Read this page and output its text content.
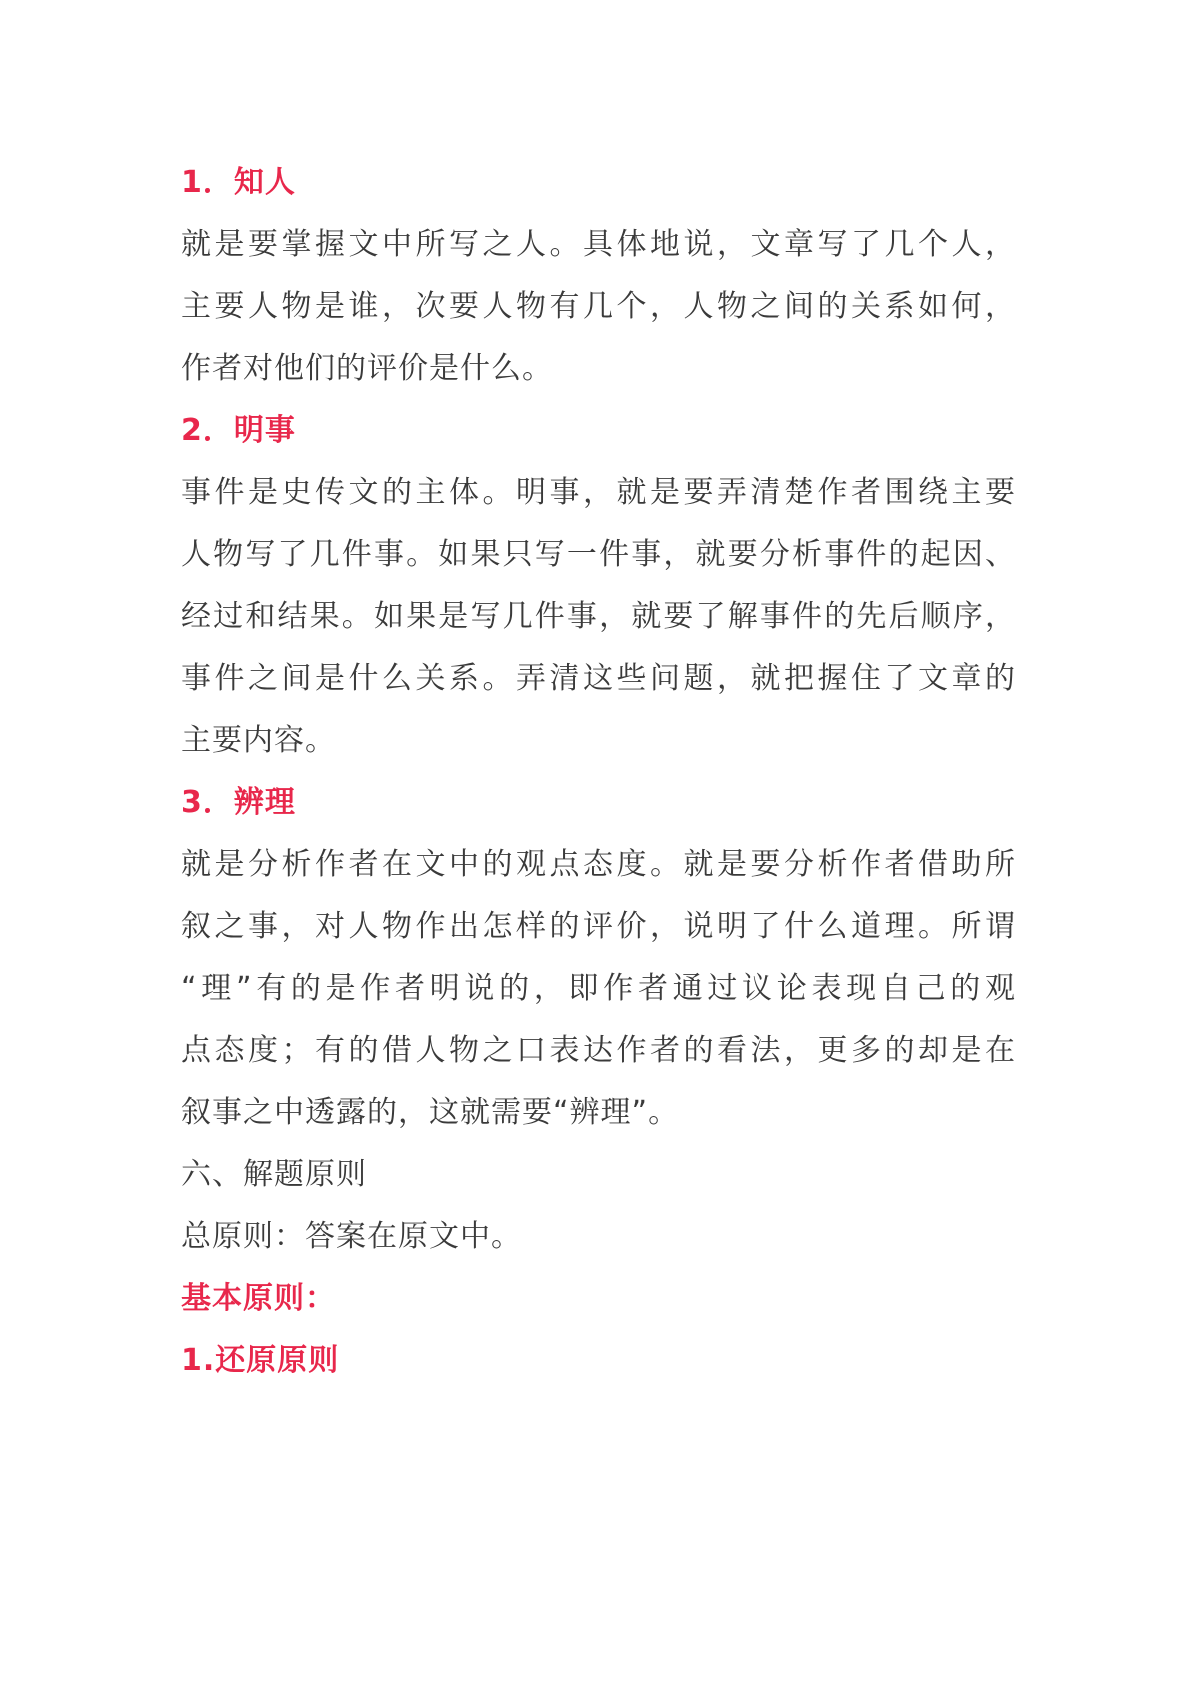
1．知人
就是要掌握文中所写之人。具体地说，文章写了几个人，
主要人物是谁，次要人物有几个，人物之间的关系如何，
作者对他们的评价是什么。
2．明事
事件是史传文的主体。明事，就是要弄清楚作者围绕主要
人物写了几件事。如果只写一件事，就要分析事件的起因、
经过和结果。如果是写几件事，就要了解事件的先后顺序，
事件之间是什么关系。弄清这些问题，就把握住了文章的
主要内容。
3．辨理
就是分析作者在文中的观点态度。就是要分析作者借助所
叙之事，对人物作出怎样的评价，说明了什么道理。所谓
“理”有的是作者明说的，即作者通过议论表现自己的观
点态度；有的借人物之口表达作者的看法，更多的却是在
叙事之中透露的，这就需要“辨理”。
六、解题原则
总原则：答案在原文中。
基本原则：
1.还原原则
